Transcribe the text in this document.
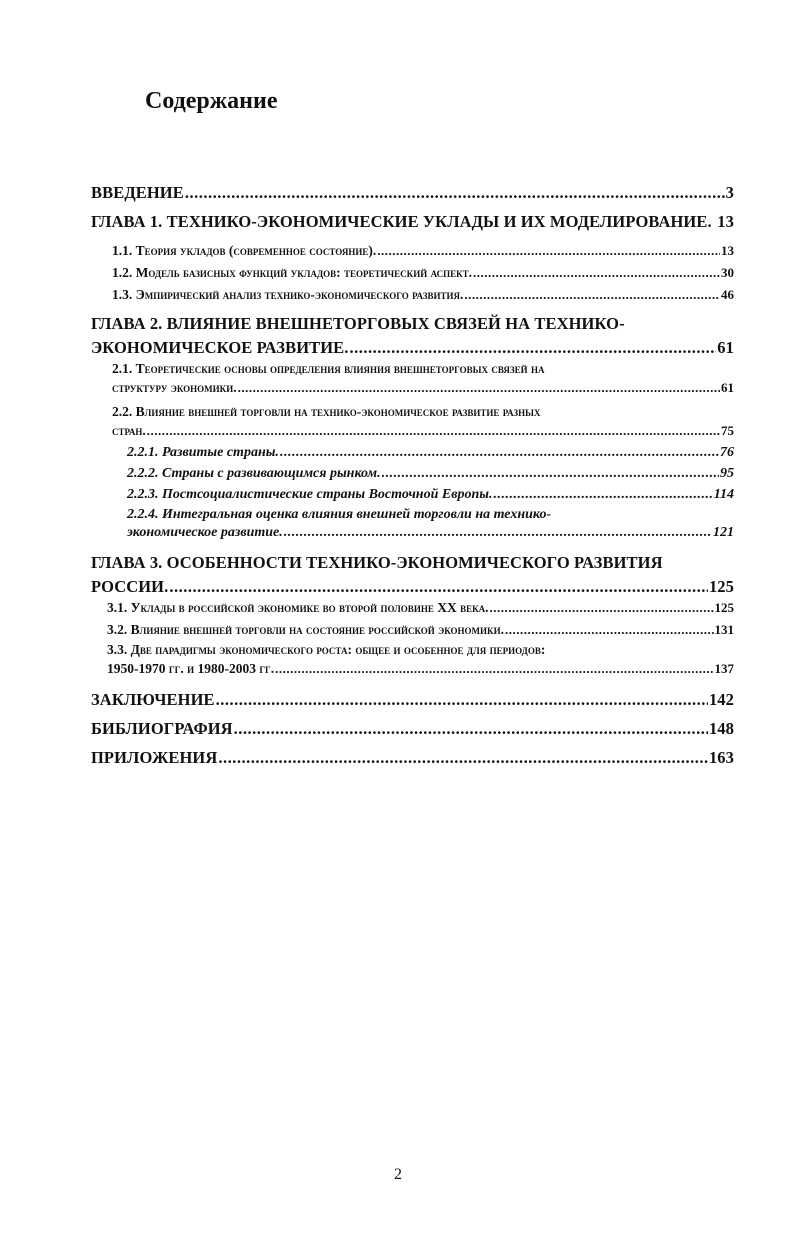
Содержание
ВВЕДЕНИЕ .....	3
ГЛАВА 1. ТЕХНИКО-ЭКОНОМИЧЕСКИЕ УКЛАДЫ И ИХ МОДЕЛИРОВАНИЕ. 13
1.1. Теория укладов (современное состояние). .....	13
1.2. Модель базисных функций укладов: теоретический аспект. .....	30
1.3. Эмпирический анализ технико-экономического развития. .....	46
ГЛАВА 2. ВЛИЯНИЕ ВНЕШНЕТОРГОВЫХ СВЯЗЕЙ НА ТЕХНИКО-
ЭКОНОМИЧЕСКОЕ РАЗВИТИЕ. .....	61
2.1. Теоретические основы определения влияния внешнеторговых связей на
структуру экономики. .....	61
2.2. Влияние внешней торговли на технико-экономическое развитие разных
стран. .....	75
2.2.1. Развитые страны. .....	76
2.2.2. Страны с развивающимся рынком. .....	95
2.2.3. Постсоциалистические страны Восточной Европы. .....	114
2.2.4. Интегральная оценка влияния внешней торговли на технико-
экономическое развитие. .....	121
ГЛАВА 3. ОСОБЕННОСТИ ТЕХНИКО-ЭКОНОМИЧЕСКОГО РАЗВИТИЯ
РОССИИ. .....	125
3.1. Уклады в российской экономике во второй половине XX века. .....	125
3.2. Влияние внешней торговли на состояние российской экономики. .....	131
3.3. Две парадигмы экономического роста: общее и особенное для периодов:
1950-1970 гг. и 1980-2003 гг. .....	137
ЗАКЛЮЧЕНИЕ .....	142
БИБЛИОГРАФИЯ .....	148
ПРИЛОЖЕНИЯ .....	163
2
